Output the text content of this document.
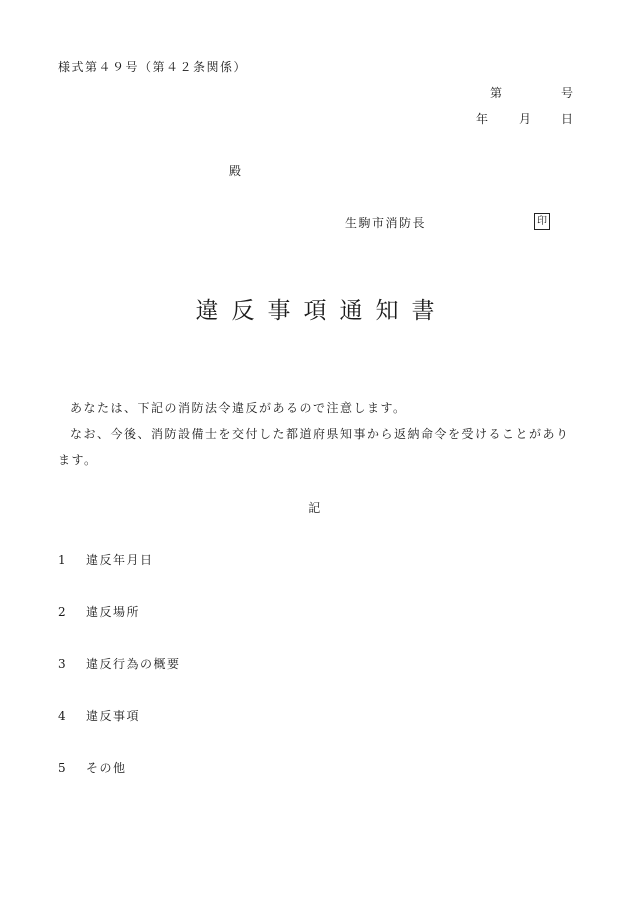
様式第４９号（第４２条関係）
第	号
年 月 日
殿
生駒市消防長	印
違反事項通知書

あなたは、下記の消防法令違反があるので注意します。

なお、今後、消防設備士を交付した都道府県知事から返納命令を受けることがあります。

記
1 違反年月日
2 違反場所
3 違反行為の概要
4 違反事項
5 その他
